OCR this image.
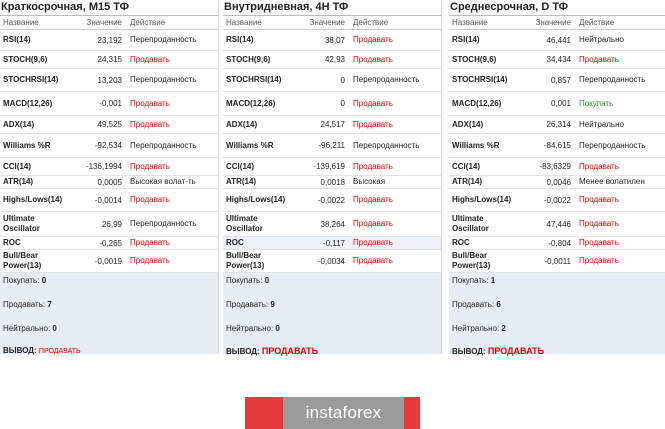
Краткосрочная, M15 ТФ
Название	Значение	Действие
RSI(14)	23,192	Перепроданность
STOCH(9,6)	24,315	Продавать
STOCHRSI(14)	13,203	Перепроданность
MACD(12,26)	-0,001	Продавать
ADX(14)	49,525	Продавать
Williams %R	-92,534	Перепроданность
CCI(14)	-136,1994	Продавать
ATR(14)	0,0005	Высокая волат-ть
Highs/Lows(14)	-0,0014	Продавать
Ultimate Oscillator	26,99	Перепроданность
ROC	-0,265	Продавать
Bull/Bear Power(13)	-0,0019	Продавать
Покупать: 0
Продавать: 7
Нейтрально: 0
ВЫВОД: ПРОДАВАТЬ
Внутридневная, 4H ТФ
Название	Значение	Действие
RSI(14)	38,07	Продавать
STOCH(9,6)	42,93	Продавать
STOCHRSI(14)	0	Перепроданность
MACD(12,26)	0	Продавать
ADX(14)	24,517	Продавать
Williams %R	-96,211	Перепроданность
CCI(14)	-139,619	Продавать
ATR(14)	0,0018	Высокая
Highs/Lows(14)	-0,0022	Продавать
Ultimate Oscillator	38,264	Продавать
ROC	-0,117	Продавать
Bull/Bear Power(13)	-0,0034	Продавать
Покупать: 0
Продавать: 9
Нейтрально: 0
ВЫВОД: ПРОДАВАТЬ
Среднесрочная, D ТФ
Название	Значение	Действие
RSI(14)	46,441	Нейтрально
STOCH(9,6)	34,434	Продавать
STOCHRSI(14)	0,857	Перепроданность
MACD(12,26)	0,001	Покупать
ADX(14)	26,314	Нейтрально
Williams %R	-84,615	Перепроданность
CCI(14)	-83,6329	Продавать
ATR(14)	0,0046	Менее волатилен
Highs/Lows(14)	-0,0022	Продавать
Ultimate Oscillator	47,446	Продавать
ROC	-0,804	Продавать
Bull/Bear Power(13)	-0,0011	Продавать
Покупать: 1
Продавать: 6
Нейтрально: 2
ВЫВОД: ПРОДАВАТЬ
instaforex
